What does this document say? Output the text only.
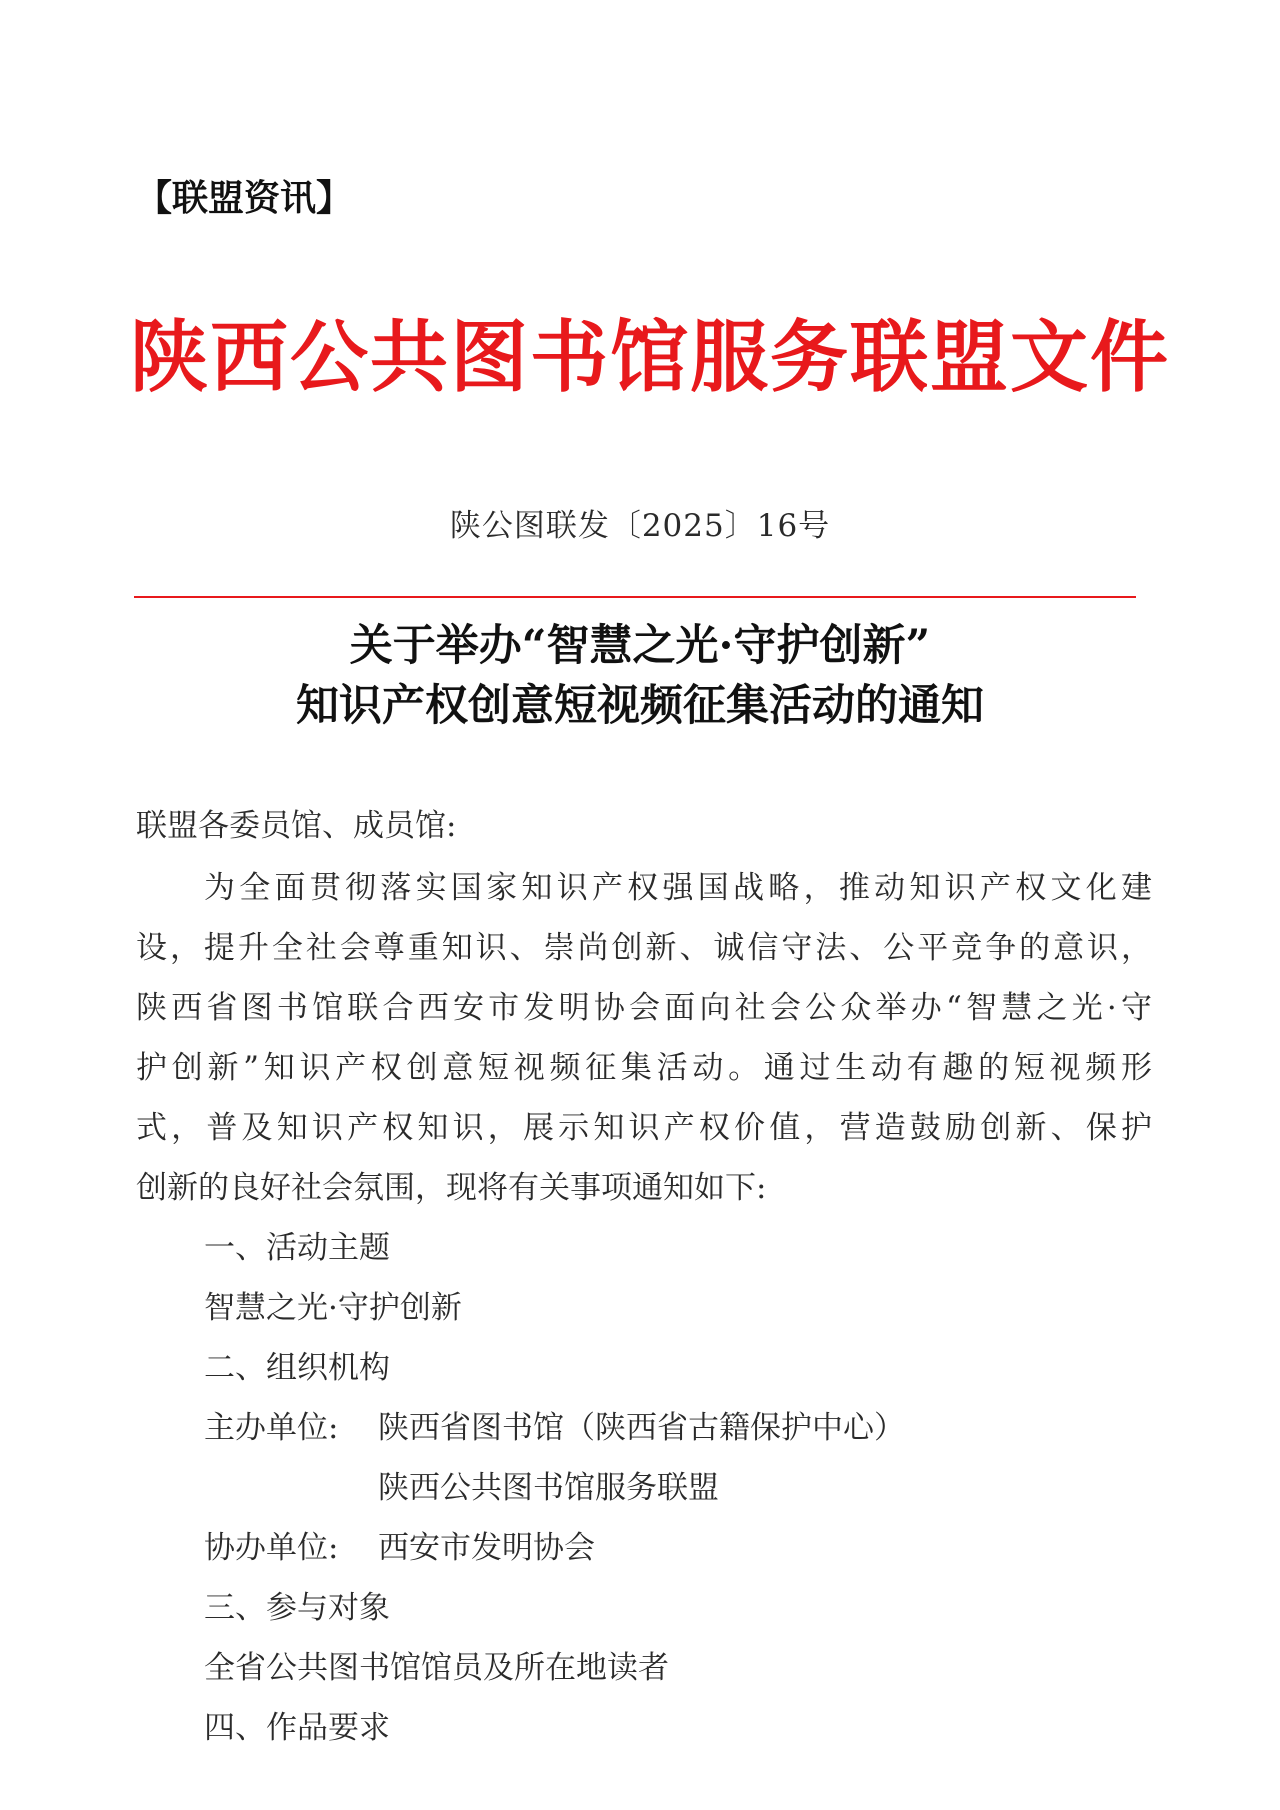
【联盟资讯】
陕西公共图书馆服务联盟文件
陕公图联发〔2025〕16号
关于举办“智慧之光·守护创新”
知识产权创意短视频征集活动的通知
联盟各委员馆、成员馆:
为全面贯彻落实国家知识产权强国战略，推动知识产权文化建
设，提升全社会尊重知识、崇尚创新、诚信守法、公平竞争的意识，
陕西省图书馆联合西安市发明协会面向社会公众举办“智慧之光·守
护创新”知识产权创意短视频征集活动。通过生动有趣的短视频形
式，普及知识产权知识，展示知识产权价值，营造鼓励创新、保护
创新的良好社会氛围，现将有关事项通知如下:
一、活动主题
智慧之光·守护创新
二、组织机构
主办单位: 陕西省图书馆（陕西省古籍保护中心）
陕西公共图书馆服务联盟
协办单位: 西安市发明协会
三、参与对象
全省公共图书馆馆员及所在地读者
四、作品要求
